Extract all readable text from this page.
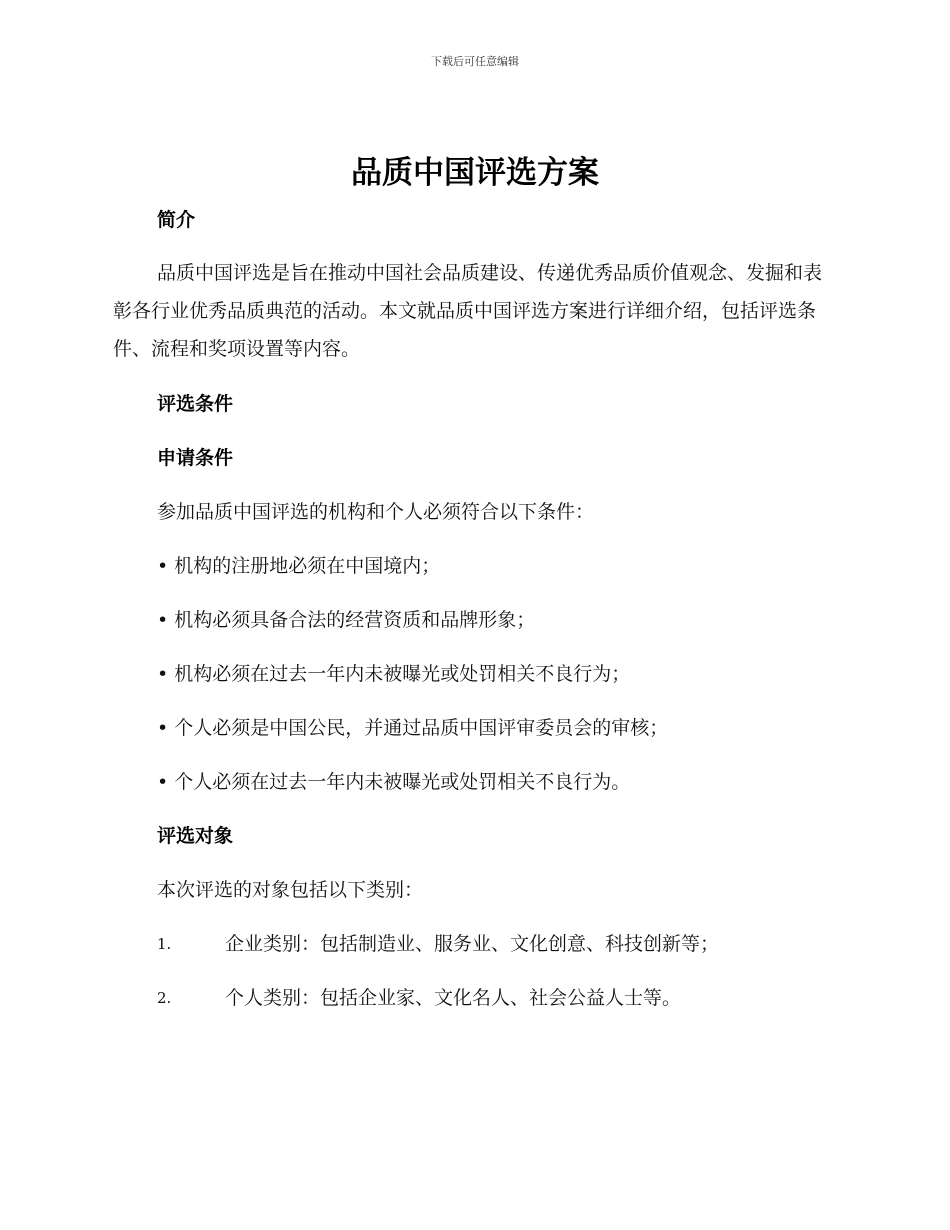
下载后可任意编辑
品质中国评选方案

简介

品质中国评选是旨在推动中国社会品质建设、传递优秀品质价值观念、发掘和表彰各行业优秀品质典范的活动。本文就品质中国评选方案进行详细介绍，包括评选条件、流程和奖项设置等内容。

评选条件

申请条件

参加品质中国评选的机构和个人必须符合以下条件：

• 机构的注册地必须在中国境内；

• 机构必须具备合法的经营资质和品牌形象；

• 机构必须在过去一年内未被曝光或处罚相关不良行为；

• 个人必须是中国公民，并通过品质中国评审委员会的审核；

• 个人必须在过去一年内未被曝光或处罚相关不良行为。

评选对象

本次评选的对象包括以下类别：

1.	企业类别：包括制造业、服务业、文化创意、科技创新等；
2.	个人类别：包括企业家、文化名人、社会公益人士等。
